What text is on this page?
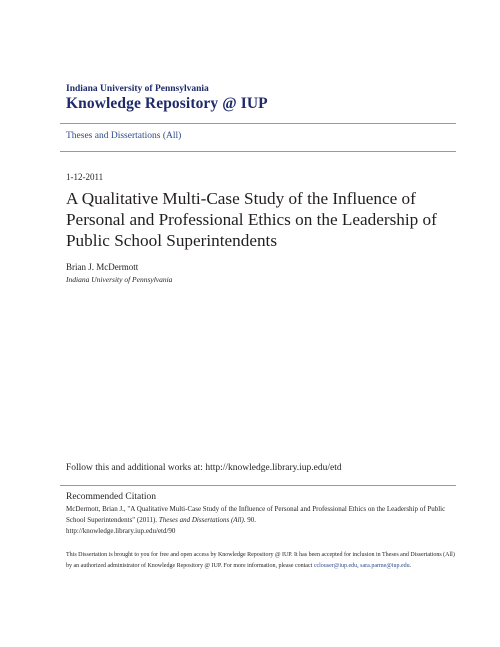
Indiana University of Pennsylvania
Knowledge Repository @ IUP
Theses and Dissertations (All)
1-12-2011
A Qualitative Multi-Case Study of the Influence of Personal and Professional Ethics on the Leadership of Public School Superintendents
Brian J. McDermott
Indiana University of Pennsylvania
Follow this and additional works at: http://knowledge.library.iup.edu/etd
Recommended Citation
McDermott, Brian J., "A Qualitative Multi-Case Study of the Influence of Personal and Professional Ethics on the Leadership of Public School Superintendents" (2011). Theses and Dissertations (All). 90.
http://knowledge.library.iup.edu/etd/90
This Dissertation is brought to you for free and open access by Knowledge Repository @ IUP. It has been accepted for inclusion in Theses and Dissertations (All) by an authorized administrator of Knowledge Repository @ IUP. For more information, please contact cclouser@iup.edu, sara.parme@iup.edu.
